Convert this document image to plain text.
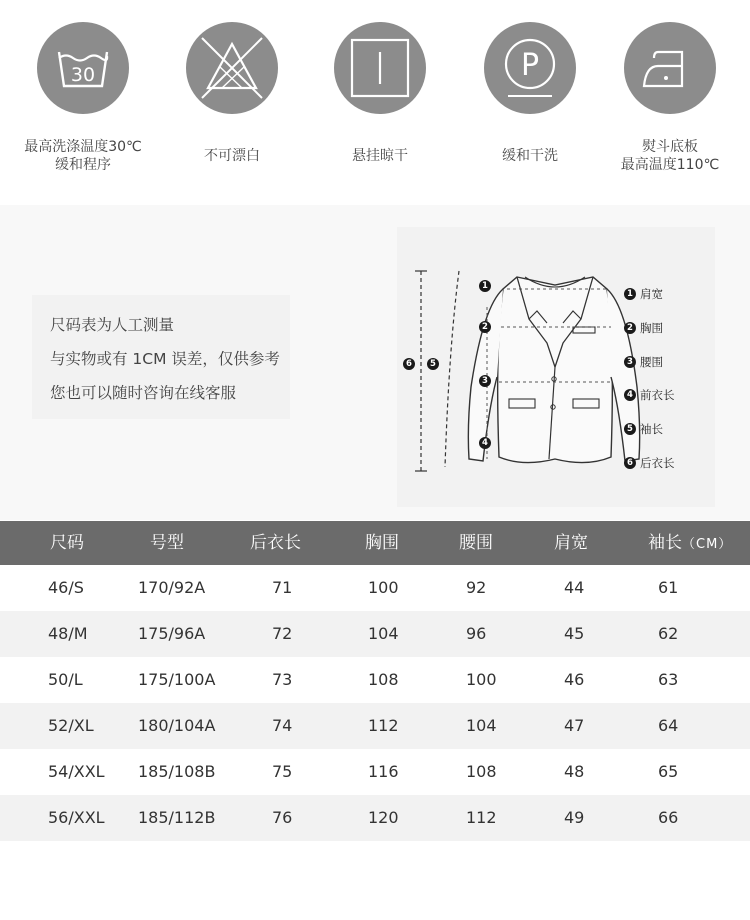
30
最高洗涤温度30℃
缓和程序
不可漂白	悬挂晾干
P
缓和干洗
熨斗底板
最高温度110℃
尺码表为人工测量
与实物或有 1CM 误差，仅供参考
您也可以随时咨询在线客服
1
2
3
4
5
6
1 肩宽
2 胸围
3 腰围
4 前衣长
5 袖长
6 后衣长
尺码	号型	后衣长	胸围	腰围	肩宽	袖长（CM）
46/S	170/92A	71	100	92	44	61
48/M	175/96A	72	104	96	45	62
50/L	175/100A	73	108	100	46	63
52/XL	180/104A	74	112	104	47	64
54/XXL 185/108B	75	116	108	48	65
56/XXL 185/112B	76	120	112	49	66
